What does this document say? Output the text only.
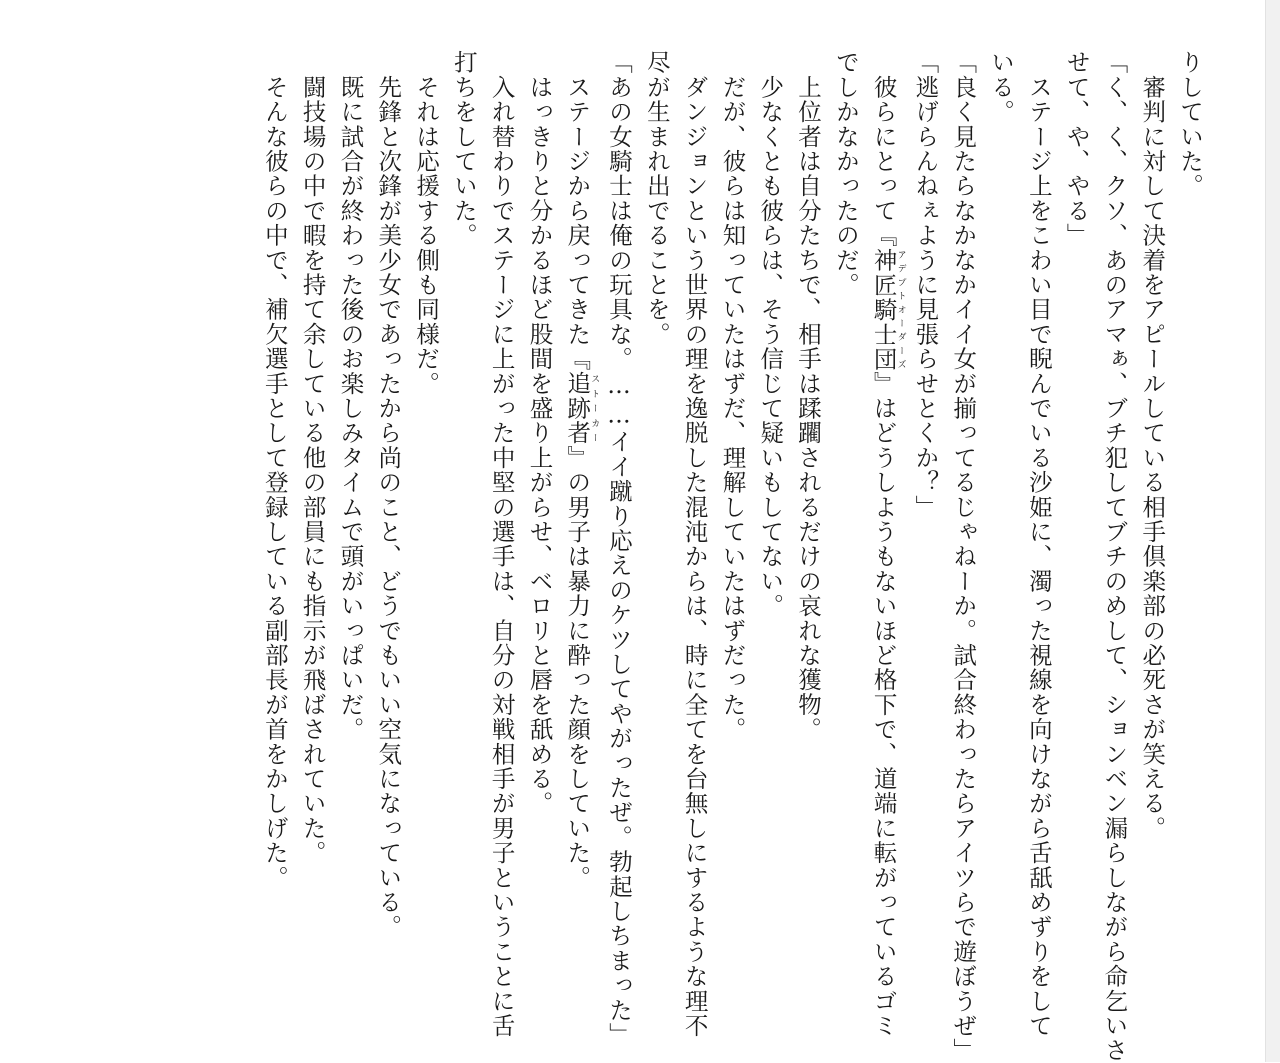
りしていた。
　審判に対して決着をアピールしている相手倶楽部の必死さが笑える。
「く、く、クソ、あのアマぁ、ブチ犯してブチのめして、ションベン漏らしながら命乞いさ
せて、や、やる」
　ステージ上をこわい目で睨んでいる沙姫に、濁った視線を向けながら舌舐めずりをして
いる。
「良く見たらなかなかイイ女が揃ってるじゃねーか。試合終わったらアイツらで遊ぼうぜ」
「逃げらんねぇように見張らせとくか？」
　彼らにとって『神匠騎士団アデプトオーダーズ』はどうしようもないほど格下で、道端に転がっているゴミ
でしかなかったのだ。
　上位者は自分たちで、相手は蹂躙されるだけの哀れな獲物。
　少なくとも彼らは、そう信じて疑いもしてない。
　だが、彼らは知っていたはずだ、理解していたはずだった。
　ダンジョンという世界の理を逸脱した混沌からは、時に全てを台無しにするような理不
尽が生まれ出でることを。
「あの女騎士は俺の玩具な。……イイ蹴り応えのケツしてやがったぜ。勃起しちまった」
　ステージから戻ってきた『追跡者ストーカー』の男子は暴力に酔った顔をしていた。
　はっきりと分かるほど股間を盛り上がらせ、ベロリと唇を舐める。
　入れ替わりでステージに上がった中堅の選手は、自分の対戦相手が男子ということに舌
打ちをしていた。
　それは応援する側も同様だ。
　先鋒と次鋒が美少女であったから尚のこと、どうでもいい空気になっている。
　既に試合が終わった後のお楽しみタイムで頭がいっぱいだ。
　闘技場の中で暇を持て余している他の部員にも指示が飛ばされていた。
　そんな彼らの中で、補欠選手として登録している副部長が首をかしげた。
